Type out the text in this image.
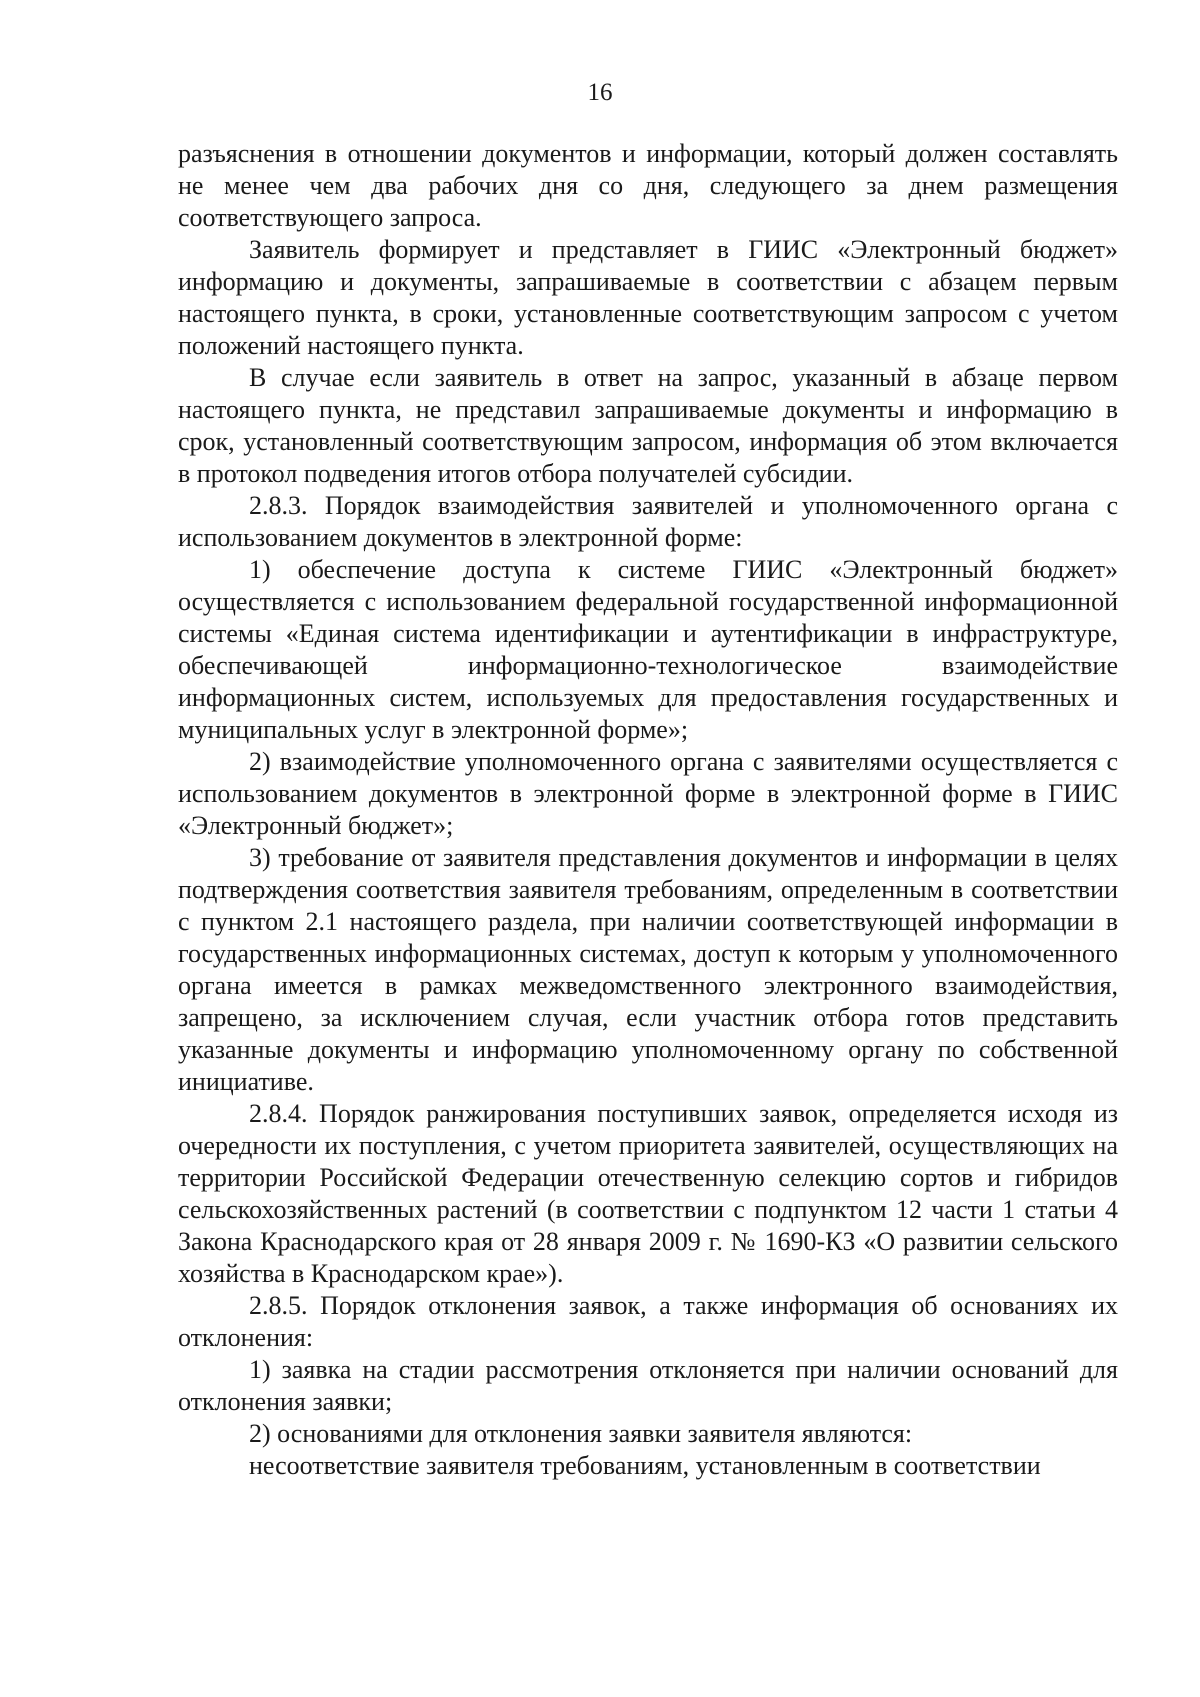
16

разъяснения в отношении документов и информации, который должен составлять не менее чем два рабочих дня со дня, следующего за днем размещения соответствующего запроса.

Заявитель формирует и представляет в ГИИС «Электронный бюджет» информацию и документы, запрашиваемые в соответствии с абзацем первым настоящего пункта, в сроки, установленные соответствующим запросом с учетом положений настоящего пункта.

В случае если заявитель в ответ на запрос, указанный в абзаце первом настоящего пункта, не представил запрашиваемые документы и информацию в срок, установленный соответствующим запросом, информация об этом включается в протокол подведения итогов отбора получателей субсидии.

2.8.3. Порядок взаимодействия заявителей и уполномоченного органа с использованием документов в электронной форме:

1) обеспечение доступа к системе ГИИС «Электронный бюджет» осуществляется с использованием федеральной государственной информационной системы «Единая система идентификации и аутентификации в инфраструктуре, обеспечивающей информационно-технологическое взаимодействие информационных систем, используемых для предоставления государственных и муниципальных услуг в электронной форме»;

2) взаимодействие уполномоченного органа с заявителями осуществляется с использованием документов в электронной форме в электронной форме в ГИИС «Электронный бюджет»;

3) требование от заявителя представления документов и информации в целях подтверждения соответствия заявителя требованиям, определенным в соответствии с пунктом 2.1 настоящего раздела, при наличии соответствующей информации в государственных информационных системах, доступ к которым у уполномоченного органа имеется в рамках межведомственного электронного взаимодействия, запрещено, за исключением случая, если участник отбора готов представить указанные документы и информацию уполномоченному органу по собственной инициативе.

2.8.4. Порядок ранжирования поступивших заявок, определяется исходя из очередности их поступления, с учетом приоритета заявителей, осуществляющих на территории Российской Федерации отечественную селекцию сортов и гибридов сельскохозяйственных растений (в соответствии с подпунктом 12 части 1 статьи 4 Закона Краснодарского края от 28 января 2009 г. № 1690-КЗ «О развитии сельского хозяйства в Краснодарском крае»).

2.8.5. Порядок отклонения заявок, а также информация об основаниях их отклонения:

1) заявка на стадии рассмотрения отклоняется при наличии оснований для отклонения заявки;

2) основаниями для отклонения заявки заявителя являются:

несоответствие заявителя требованиям, установленным в соответствии
